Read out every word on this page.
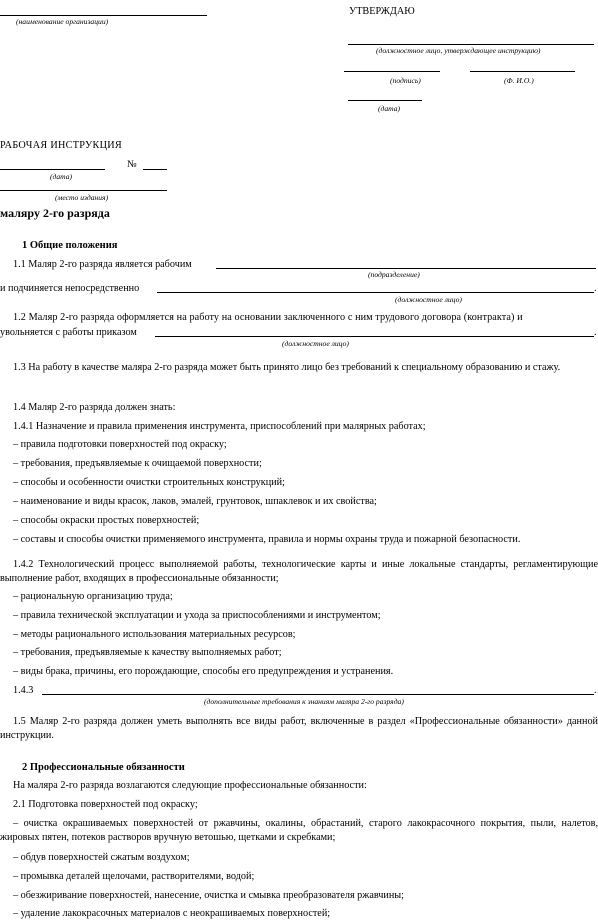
(наименование организации)
УТВЕРЖДАЮ
(должностное лицо, утверждающее инструкцию)
(подпись)	(Ф. И.О.)
(дата)
РАБОЧАЯ ИНСТРУКЦИЯ
№
(дата)
(место издания)
маляру 2-го разряда
1 Общие положения
1.1 Маляр 2-го разряда является рабочим
(подразделение)
и подчиняется непосредственно	.
(должностное лицо)
1.2 Маляр 2-го разряда оформляется на работу на основании заключенного с ним трудового договора (контракта) и
увольняется с работы приказом	.
(должностное лицо)
1.3 На работу в качестве маляра 2-го разряда может быть принято лицо без требований к специальному образованию и стажу.
1.4 Маляр 2-го разряда должен знать:
1.4.1 Назначение и правила применения инструмента, приспособлений при малярных работах;
– правила подготовки поверхностей под окраску;
– требования, предъявляемые к очищаемой поверхности;
– способы и особенности очистки строительных конструкций;
– наименование и виды красок, лаков, эмалей, грунтовок, шпаклевок и их свойства;
– способы окраски простых поверхностей;
– составы и способы очистки применяемого инструмента, правила и нормы охраны труда и пожарной безопасности.
1.4.2 Технологический процесс выполняемой работы, технологические карты и иные локальные стандарты, регламентирующие выполнение работ, входящих в профессиональные обязанности;
– рациональную организацию труда;
– правила технической эксплуатации и ухода за приспособлениями и инструментом;
– методы рационального использования материальных ресурсов;
– требования, предъявляемые к качеству выполняемых работ;
– виды брака, причины, его порождающие, способы его предупреждения и устранения.
1.4.3	.
(дополнительные требования к знаниям маляра 2-го разряда)
1.5 Маляр 2-го разряда должен уметь выполнять все виды работ, включенные в раздел «Профессиональные обязанности» данной инструкции.
2 Профессиональные обязанности
На маляра 2-го разряда возлагаются следующие профессиональные обязанности:
2.1 Подготовка поверхностей под окраску;
– очистка окрашиваемых поверхностей от ржавчины, окалины, обрастаний, старого лакокрасочного покрытия, пыли, налетов, жировых пятен, потеков растворов вручную ветошью, щетками и скребками;
– обдув поверхностей сжатым воздухом;
– промывка деталей щелочами, растворителями, водой;
– обезжиривание поверхностей, нанесение, очистка и смывка преобразователя ржавчины;
– удаление лакокрасочных материалов с неокрашиваемых поверхностей;
